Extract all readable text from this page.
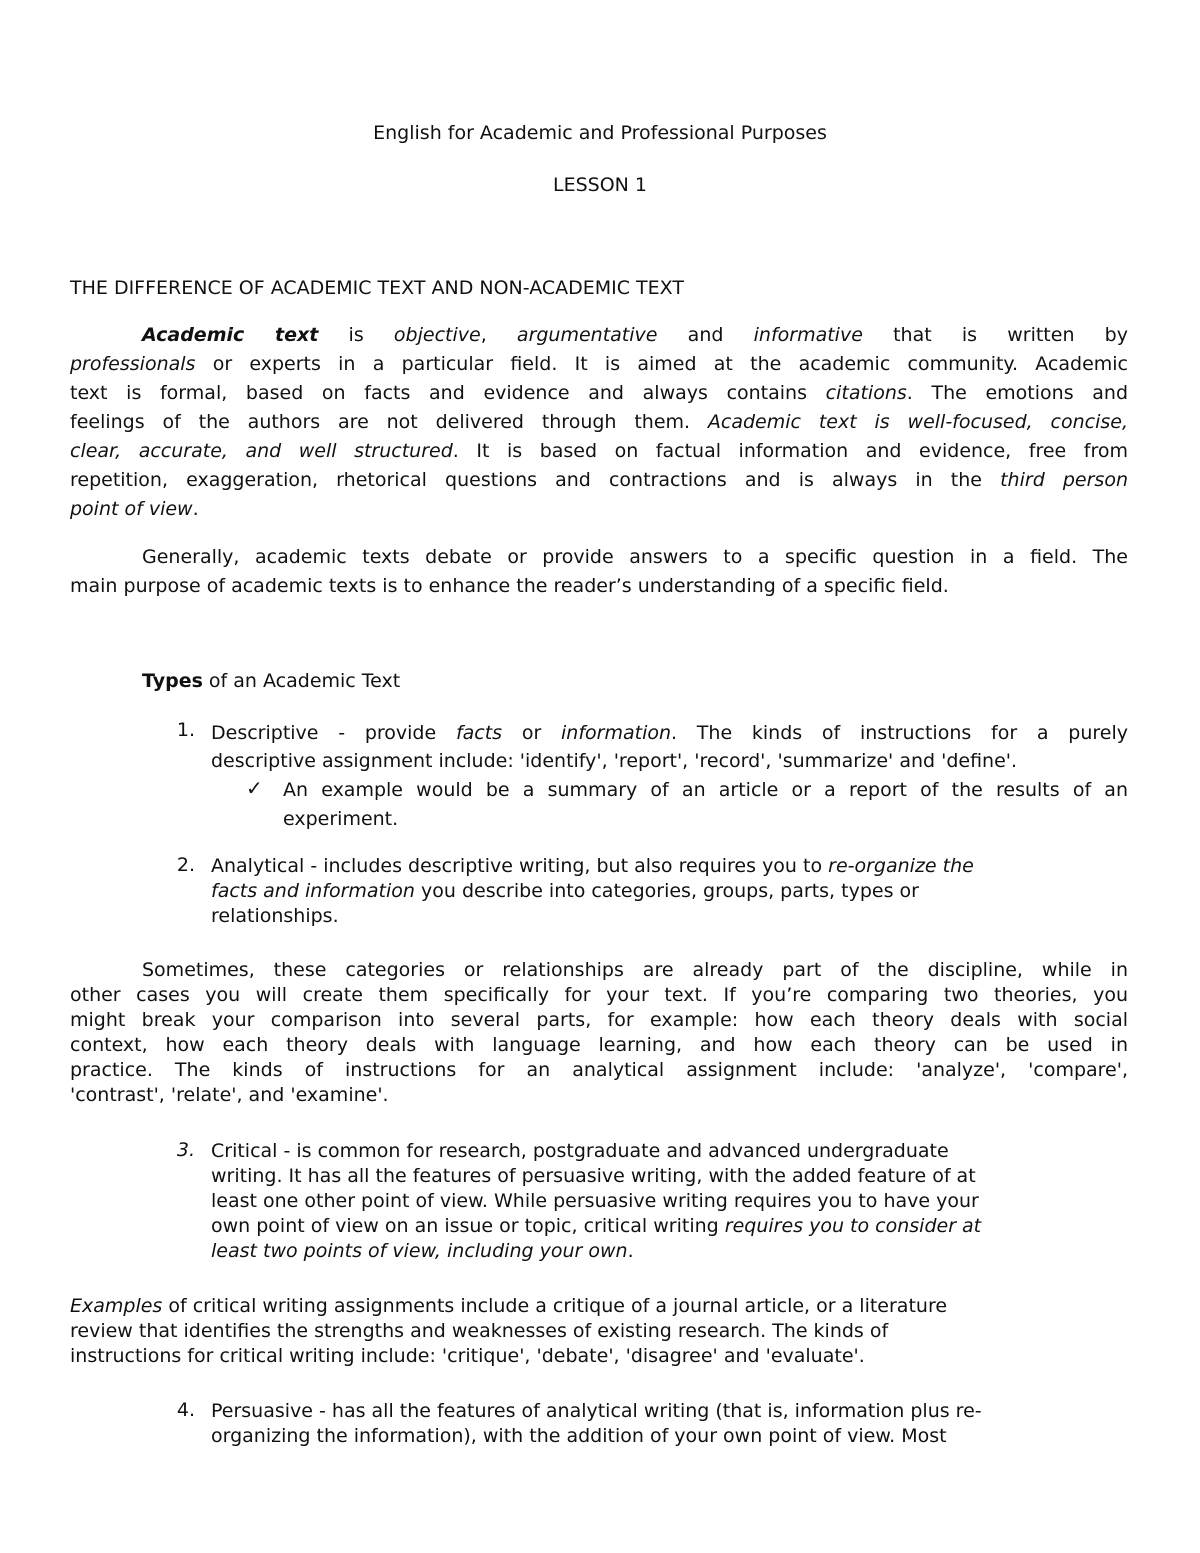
English for Academic and Professional Purposes
LESSON 1
THE DIFFERENCE OF ACADEMIC TEXT AND NON-ACADEMIC TEXT
Academic text is objective, argumentative and informative that is written by
professionals or experts in a particular field. It is aimed at the academic community. Academic
text is formal, based on facts and evidence and always contains citations. The emotions and
feelings of the authors are not delivered through them. Academic text is well-focused, concise,
clear, accurate, and well structured. It is based on factual information and evidence, free from
repetition, exaggeration, rhetorical questions and contractions and is always in the third person
point of view.
Generally, academic texts debate or provide answers to a specific question in a field. The
main purpose of academic texts is to enhance the reader’s understanding of a specific field.
Types of an Academic Text
1. Descriptive - provide facts or information. The kinds of instructions for a purely
descriptive assignment include: 'identify', 'report', 'record', 'summarize' and 'define'.
✓ An example would be a summary of an article or a report of the results of an
experiment.
2. Analytical - includes descriptive writing, but also requires you to re-organize the
facts and information you describe into categories, groups, parts, types or
relationships.
Sometimes, these categories or relationships are already part of the discipline, while in
other cases you will create them specifically for your text. If you’re comparing two theories, you
might break your comparison into several parts, for example: how each theory deals with social
context, how each theory deals with language learning, and how each theory can be used in
practice. The kinds of instructions for an analytical assignment include: 'analyze', 'compare',
'contrast', 'relate', and 'examine'.
3. Critical - is common for research, postgraduate and advanced undergraduate
writing. It has all the features of persuasive writing, with the added feature of at
least one other point of view. While persuasive writing requires you to have your
own point of view on an issue or topic, critical writing requires you to consider at
least two points of view, including your own.
Examples of critical writing assignments include a critique of a journal article, or a literature
review that identifies the strengths and weaknesses of existing research. The kinds of
instructions for critical writing include: 'critique', 'debate', 'disagree' and 'evaluate'.
4. Persuasive - has all the features of analytical writing (that is, information plus re-
organizing the information), with the addition of your own point of view. Most
